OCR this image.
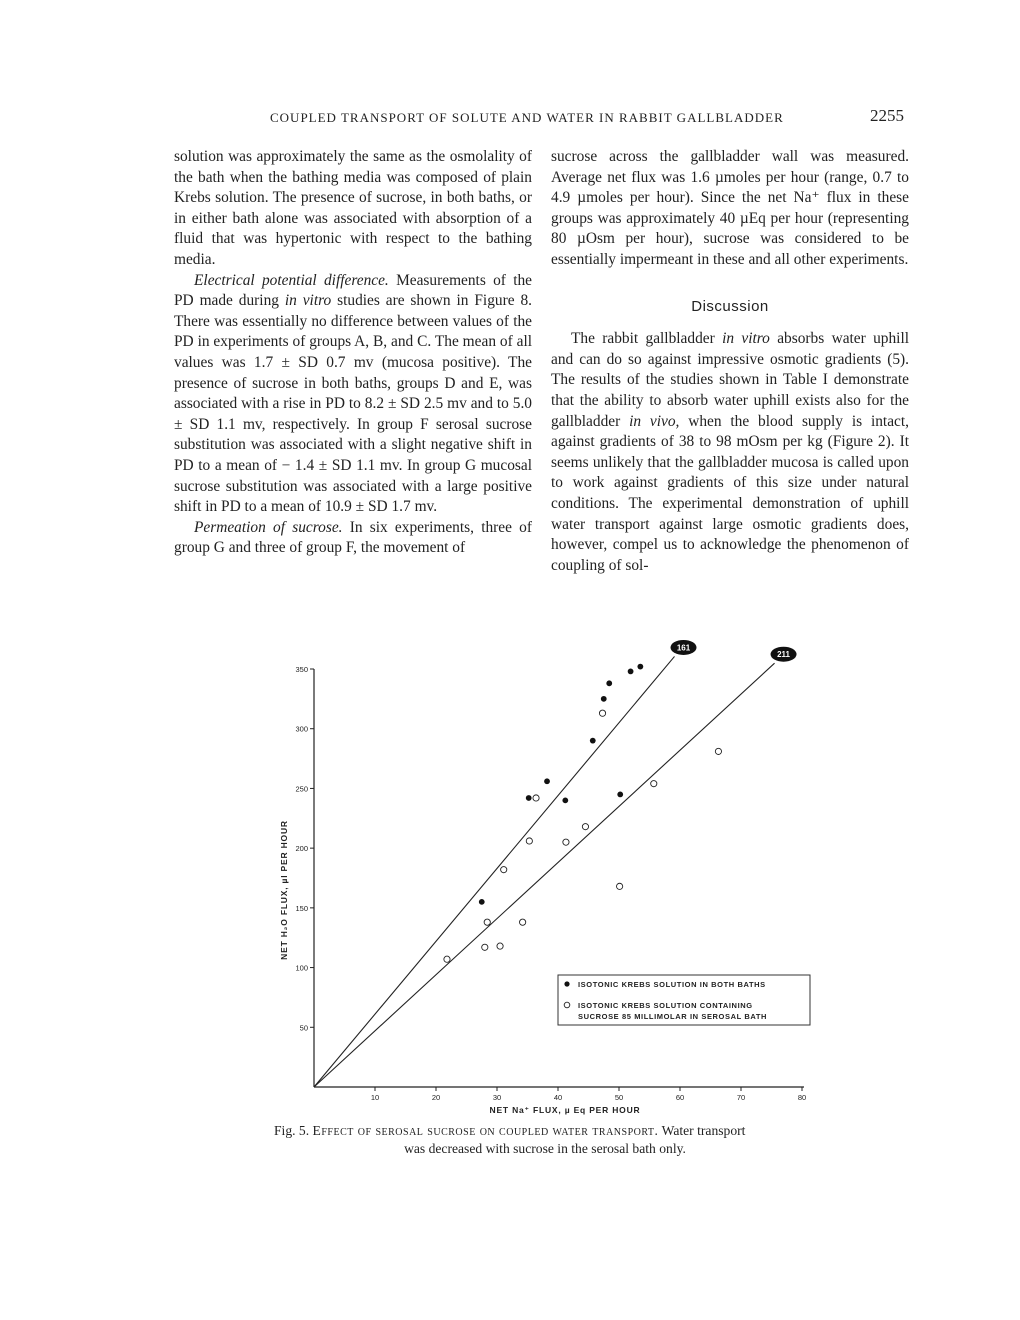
COUPLED TRANSPORT OF SOLUTE AND WATER IN RABBIT GALLBLADDER	2255

solution was approximately the same as the osmolality of the bath when the bathing media was composed of plain Krebs solution. The presence of sucrose, in both baths, or in either bath alone was associated with absorption of a fluid that was hypertonic with respect to the bathing media.

Electrical potential difference. Measurements of the PD made during in vitro studies are shown in Figure 8. There was essentially no difference between values of the PD in experiments of groups A, B, and C. The mean of all values was 1.7 ± SD 0.7 mv (mucosa positive). The presence of sucrose in both baths, groups D and E, was associated with a rise in PD to 8.2 ± SD 2.5 mv and to 5.0 ± SD 1.1 mv, respectively. In group F serosal sucrose substitution was associated with a slight negative shift in PD to a mean of − 1.4 ± SD 1.1 mv. In group G mucosal sucrose substitution was associated with a large positive shift in PD to a mean of 10.9 ± SD 1.7 mv.

Permeation of sucrose. In six experiments, three of group G and three of group F, the movement of

sucrose across the gallbladder wall was measured. Average net flux was 1.6 µmoles per hour (range, 0.7 to 4.9 µmoles per hour). Since the net Na⁺ flux in these groups was approximately 40 µEq per hour (representing 80 µOsm per hour), sucrose was considered to be essentially impermeant in these and all other experiments.

Discussion

The rabbit gallbladder in vitro absorbs water uphill and can do so against impressive osmotic gradients (5). The results of the studies shown in Table I demonstrate that the ability to absorb water uphill exists also for the gallbladder in vivo, when the blood supply is intact, against gradients of 38 to 98 mOsm per kg (Figure 2). It seems unlikely that the gallbladder mucosa is called upon to work against gradients of this size under natural conditions. The experimental demonstration of uphill water transport against large osmotic gradients does, however, compel us to acknowledge the phenomenon of coupling of sol-

10	20	30	40	50	60	70	80
50
100
150
200
250
300
350
161
211
NET Na⁺ FLUX, µ Eq PER HOUR
NET H₂O FLUX, µl PER HOUR
ISOTONIC KREBS SOLUTION IN BOTH BATHS
ISOTONIC KREBS SOLUTION CONTAINING
SUCROSE 85 MILLIMOLAR IN SEROSAL BATH
Fig. 5. Effect of serosal sucrose on coupled water transport. Water transport
was decreased with sucrose in the serosal bath only.
